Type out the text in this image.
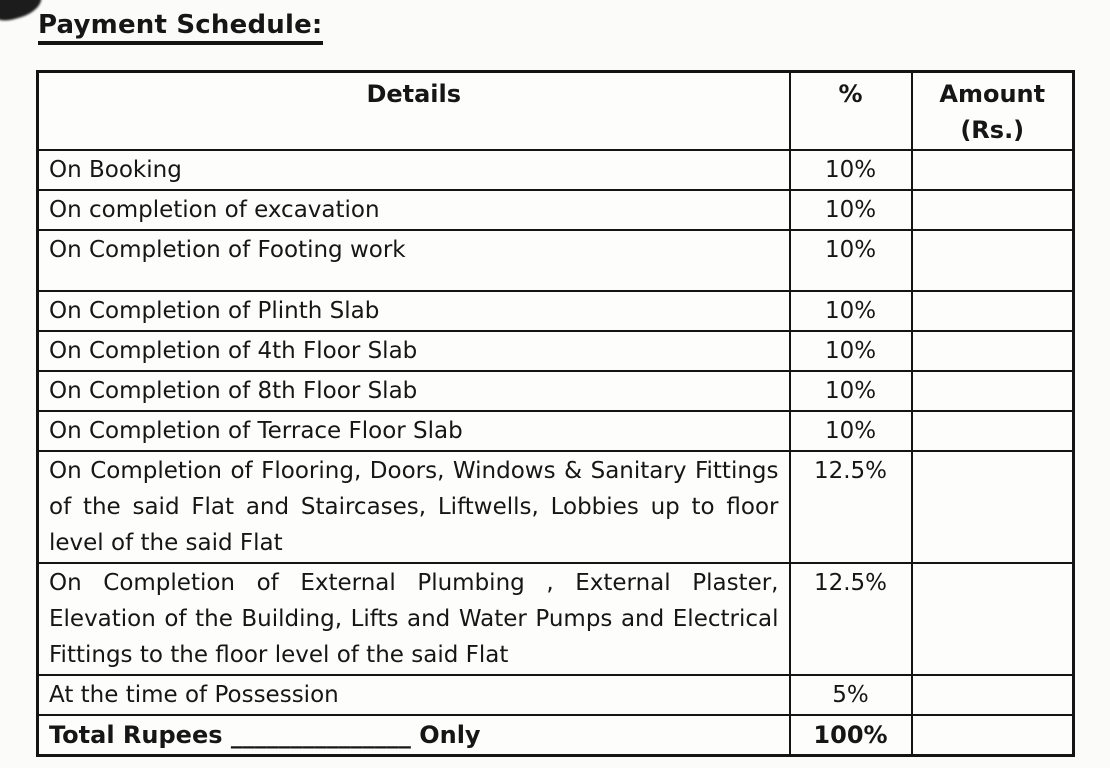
Payment Schedule:
Details	%	Amount
(Rs.)

On Booking	10%	
On completion of excavation	10%	
On Completion of Footing work	10%	
On Completion of Plinth Slab	10%	
On Completion of 4th Floor Slab	10%	
On Completion of 8th Floor Slab	10%	
On Completion of Terrace Floor Slab	10%	
On Completion of Flooring, Doors, Windows & Sanitary Fittings of the said Flat and Staircases, Liftwells, Lobbies up to floor level of the said Flat	12.5%	
On Completion of External Plumbing , External Plaster, Elevation of the Building, Lifts and Water Pumps and Electrical Fittings to the floor level of the said Flat	12.5%	
At the time of Possession	5%	
Total Rupees _______________ Only	100%	
